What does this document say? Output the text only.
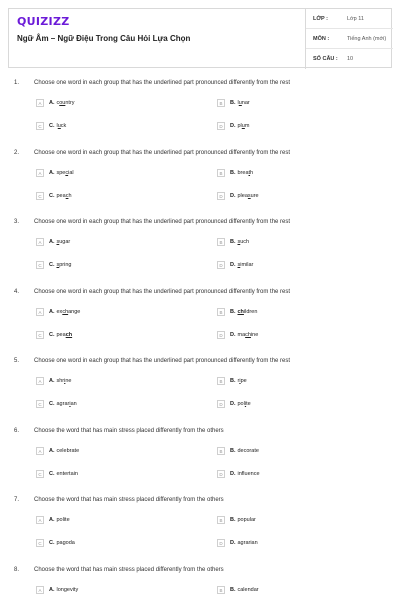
QUIZIZZ
Ngữ Âm – Ngữ Điệu Trong Câu Hỏi Lựa Chọn
LỚP :	Lớp 11
MÔN :	Tiếng Anh (mới)
SỐ CÂU :	10
1. Choose one word in each group that has the underlined part pronounced differently from the rest
A	A. country	B	B. lunar
C	C. luck	D	D. plum
2. Choose one word in each group that has the underlined part pronounced differently from the rest
A	A. special	B	B. breath
C	C. peach	D	D. pleasure
3. Choose one word in each group that has the underlined part pronounced differently from the rest
A	A. sugar	B	B. such
C	C. spring	D	D. similar
4. Choose one word in each group that has the underlined part pronounced differently from the rest
A	A. exchange	B	B. children
C	C. peach	D	D. machine
5. Choose one word in each group that has the underlined part pronounced differently from the rest
A	A. shrine	B	B. ripe
C	C. agrarian	D	D. polite
6. Choose the word that has main stress placed differently from the others
A	A. celebrate	B	B. decorate
C	C. entertain	D	D. influence
7. Choose the word that has main stress placed differently from the others
A	A. polite	B	B. popular
C	C. pagoda	D	D. agrarian
8. Choose the word that has main stress placed differently from the others
A	A. longevity	B	B. calendar
